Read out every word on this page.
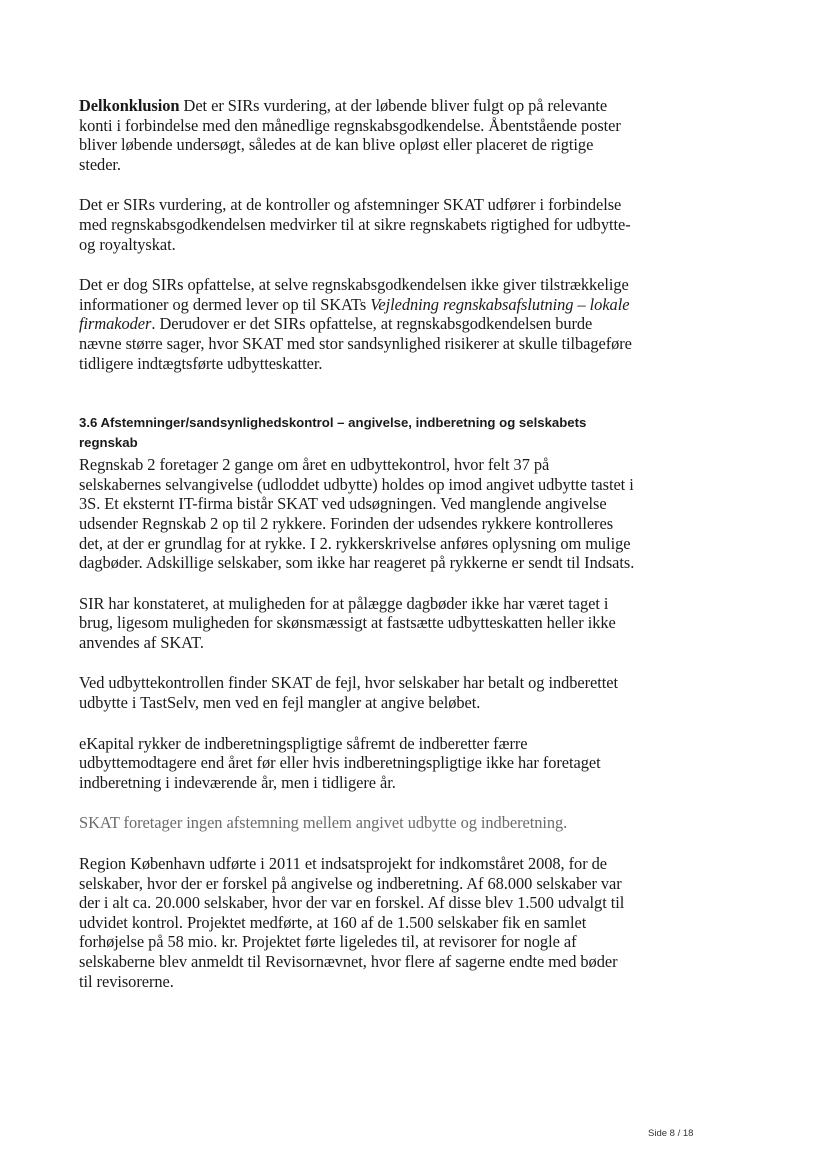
Delkonklusion Det er SIRs vurdering, at der løbende bliver fulgt op på relevante konti i forbindelse med den månedlige regnskabsgodkendelse. Åbentstående poster bliver løbende undersøgt, således at de kan blive opløst eller placeret de rigtige steder.

Det er SIRs vurdering, at de kontroller og afstemninger SKAT udfører i forbindelse med regnskabsgodkendelsen medvirker til at sikre regnskabets rigtighed for udbytte- og royaltyskat.

Det er dog SIRs opfattelse, at selve regnskabsgodkendelsen ikke giver tilstrækkelige informationer og dermed lever op til SKATs Vejledning regnskabsafslutning – lokale firmakoder. Derudover er det SIRs opfattelse, at regnskabsgodkendelsen burde nævne større sager, hvor SKAT med stor sandsynlighed risikerer at skulle tilbageføre tidligere indtægtsførte udbytteskatter.

3.6 Afstemninger/sandsynlighedskontrol – angivelse, indberetning og selskabets regnskab

Regnskab 2 foretager 2 gange om året en udbyttekontrol, hvor felt 37 på selskabernes selvangivelse (udloddet udbytte) holdes op imod angivet udbytte tastet i 3S. Et eksternt IT-firma bistår SKAT ved udsøgningen. Ved manglende angivelse udsender Regnskab 2 op til 2 rykkere. Forinden der udsendes rykkere kontrolleres det, at der er grundlag for at rykke. I 2. rykkerskrivelse anføres oplysning om mulige dagbøder. Adskillige selskaber, som ikke har reageret på rykkerne er sendt til Indsats.

SIR har konstateret, at muligheden for at pålægge dagbøder ikke har været taget i brug, ligesom muligheden for skønsmæssigt at fastsætte udbytteskatten heller ikke anvendes af SKAT.

Ved udbyttekontrollen finder SKAT de fejl, hvor selskaber har betalt og indberettet udbytte i TastSelv, men ved en fejl mangler at angive beløbet.

eKapital rykker de indberetningspligtige såfremt de indberetter færre udbyttemodtagere end året før eller hvis indberetningspligtige ikke har foretaget indberetning i indeværende år, men i tidligere år.

SKAT foretager ingen afstemning mellem angivet udbytte og indberetning.

Region København udførte i 2011 et indsatsprojekt for indkomståret 2008, for de selskaber, hvor der er forskel på angivelse og indberetning. Af 68.000 selskaber var der i alt ca. 20.000 selskaber, hvor der var en forskel. Af disse blev 1.500 udvalgt til udvidet kontrol. Projektet medførte, at 160 af de 1.500 selskaber fik en samlet forhøjelse på 58 mio. kr. Projektet førte ligeledes til, at revisorer for nogle af selskaberne blev anmeldt til Revisornævnet, hvor flere af sagerne endte med bøder til revisorerne.

Side 8 / 18
